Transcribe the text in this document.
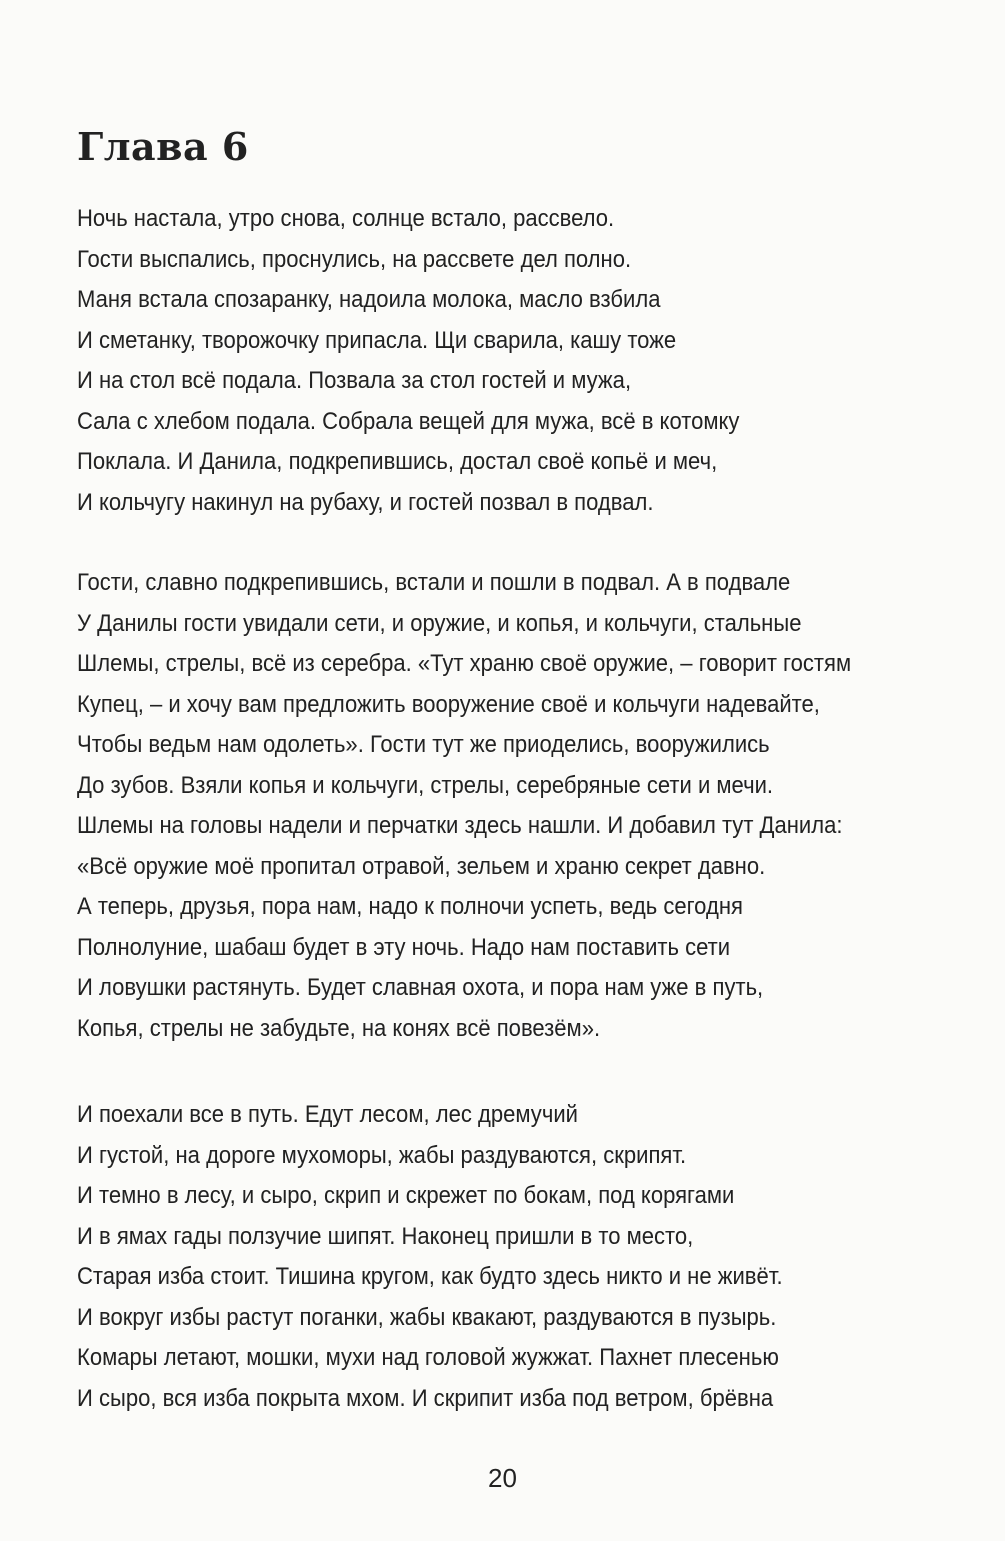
Глава 6
Ночь настала, утро снова, солнце встало, рассвело.
Гости выспались, проснулись, на рассвете дел полно.
Маня встала спозаранку, надоила молока, масло взбила
И сметанку, творожочку припасла. Щи сварила, кашу тоже
И на стол всё подала. Позвала за стол гостей и мужа,
Сала с хлебом подала. Собрала вещей для мужа, всё в котомку
Поклала. И Данила, подкрепившись, достал своё копьё и меч,
И кольчугу накинул на рубаху, и гостей позвал в подвал.
Гости, славно подкрепившись, встали и пошли в подвал. А в подвале
У Данилы гости увидали сети, и оружие, и копья, и кольчуги, стальные
Шлемы, стрелы, всё из серебра. «Тут храню своё оружие, – говорит гостям
Купец, – и хочу вам предложить вооружение своё и кольчуги надевайте,
Чтобы ведьм нам одолеть». Гости тут же приоделись, вооружились
До зубов. Взяли копья и кольчуги, стрелы, серебряные сети и мечи.
Шлемы на головы надели и перчатки здесь нашли. И добавил тут Данила:
«Всё оружие моё пропитал отравой, зельем и храню секрет давно.
А теперь, друзья, пора нам, надо к полночи успеть, ведь сегодня
Полнолуние, шабаш будет в эту ночь. Надо нам поставить сети
И ловушки растянуть. Будет славная охота, и пора нам уже в путь,
Копья, стрелы не забудьте, на конях всё повезём».
И поехали все в путь. Едут лесом, лес дремучий
И густой, на дороге мухоморы, жабы раздуваются, скрипят.
И темно в лесу, и сыро, скрип и скрежет по бокам, под корягами
И в ямах гады ползучие шипят. Наконец пришли в то место,
Старая изба стоит. Тишина кругом, как будто здесь никто и не живёт.
И вокруг избы растут поганки, жабы квакают, раздуваются в пузырь.
Комары летают, мошки, мухи над головой жужжат. Пахнет плесенью
И сыро, вся изба покрыта мхом. И скрипит изба под ветром, брёвна
20
